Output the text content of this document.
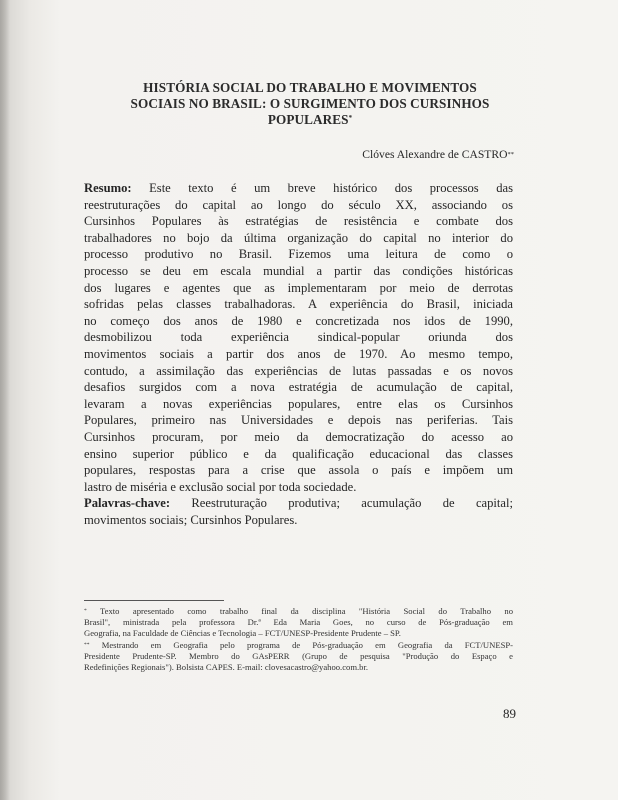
HISTÓRIA SOCIAL DO TRABALHO E MOVIMENTOS
SOCIAIS NO BRASIL: O SURGIMENTO DOS CURSINHOS
POPULARES*
Clóves Alexandre de CASTRO**
Resumo: Este texto é um breve histórico dos processos das
reestruturações do capital ao longo do século XX, associando os
Cursinhos Populares às estratégias de resistência e combate dos
trabalhadores no bojo da última organização do capital no interior do
processo produtivo no Brasil. Fizemos uma leitura de como o
processo se deu em escala mundial a partir das condições históricas
dos lugares e agentes que as implementaram por meio de derrotas
sofridas pelas classes trabalhadoras. A experiência do Brasil, iniciada
no começo dos anos de 1980 e concretizada nos idos de 1990,
desmobilizou toda experiência sindical-popular oriunda dos
movimentos sociais a partir dos anos de 1970. Ao mesmo tempo,
contudo, a assimilação das experiências de lutas passadas e os novos
desafios surgidos com a nova estratégia de acumulação de capital,
levaram a novas experiências populares, entre elas os Cursinhos
Populares, primeiro nas Universidades e depois nas periferias. Tais
Cursinhos procuram, por meio da democratização do acesso ao
ensino superior público e da qualificação educacional das classes
populares, respostas para a crise que assola o país e impõem um
lastro de miséria e exclusão social por toda sociedade.
Palavras-chave: Reestruturação produtiva; acumulação de capital;
movimentos sociais; Cursinhos Populares.
* Texto apresentado como trabalho final da disciplina "História Social do Trabalho no
Brasil", ministrada pela professora Dr.ª Eda Maria Goes, no curso de Pós-graduação em
Geografia, na Faculdade de Ciências e Tecnologia – FCT/UNESP-Presidente Prudente – SP.
** Mestrando em Geografia pelo programa de Pós-graduação em Geografia da FCT/UNESP-
Presidente Prudente-SP. Membro do GAsPERR (Grupo de pesquisa "Produção do Espaço e
Redefinições Regionais"). Bolsista CAPES. E-mail: clovesacastro@yahoo.com.br.
89
